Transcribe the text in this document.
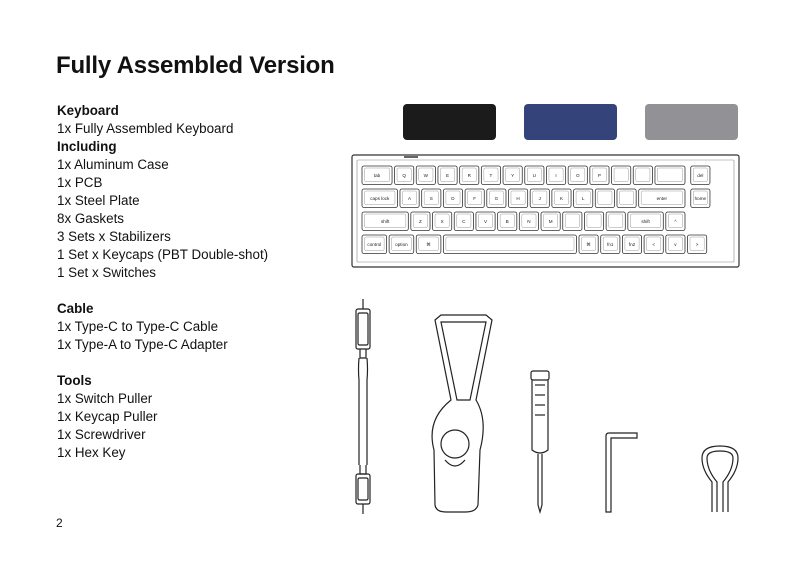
Fully Assembled Version
Keyboard
1x Fully Assembled Keyboard
Including
1x Aluminum Case
1x PCB
1x Steel Plate
8x Gaskets
3 Sets x Stabilizers
1 Set x Keycaps (PBT Double-shot)
1 Set x Switches
Cable
1x Type-C to Type-C Cable
1x Type-A to Type-C Adapter
Tools
1x Switch Puller
1x Keycap Puller
1x Screwdriver
1x Hex Key
2
tab	Q	W	E	R	T	Y	U	I	O	P	del
caps lock	A	S	D	F	G	H	J	K	L	enter	home
shift	Z	X	C	V	B	N	M	shift	^
control	option	⌘	⌘	fn1	fn2	<	v	>
